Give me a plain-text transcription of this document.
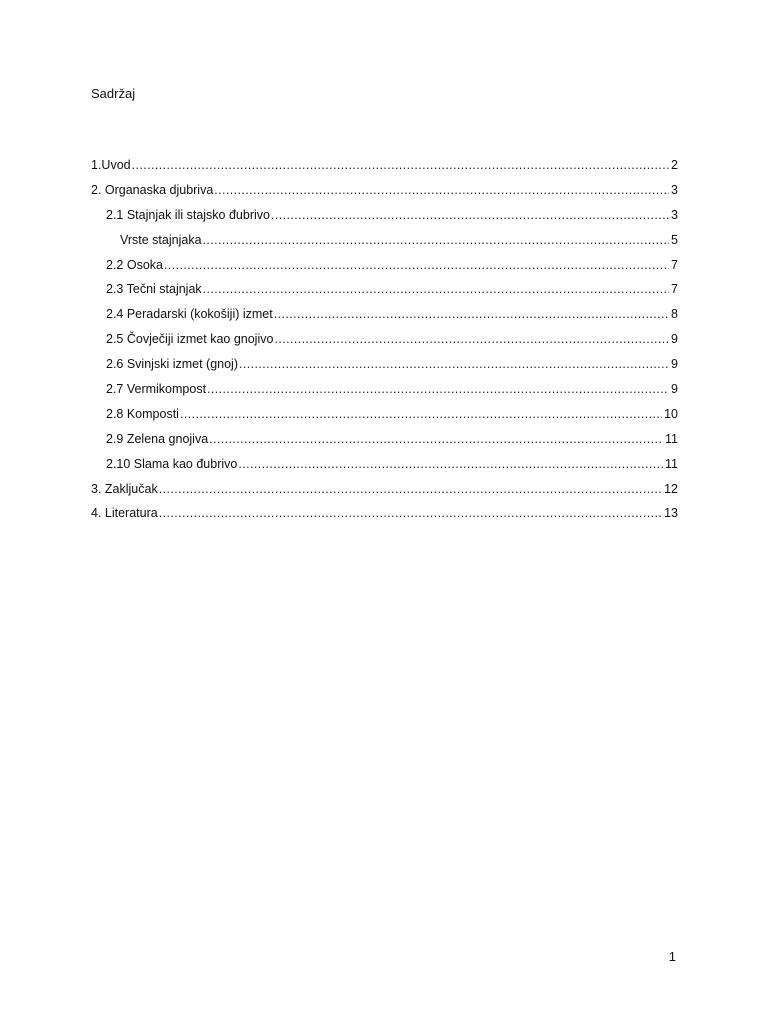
Sadržaj
1.Uvod .....	2
2. Organaska djubriva .....	3
2.1 Stajnjak ili stajsko đubrivo .....	3
Vrste stajnjaka .....	5
2.2 Osoka .....	7
2.3 Tečni stajnjak .....	7
2.4 Peradarski (kokošiji) izmet .....	8
2.5 Čovječiji izmet kao gnojivo .....	9
2.6 Svinjski izmet (gnoj) .....	9
2.7 Vermikompost .....	9
2.8 Komposti .....	10
2.9 Zelena gnojiva .....	11
2.10 Slama kao đubrivo .....	11
3. Zaključak .....	12
4. Literatura .....	13
1
